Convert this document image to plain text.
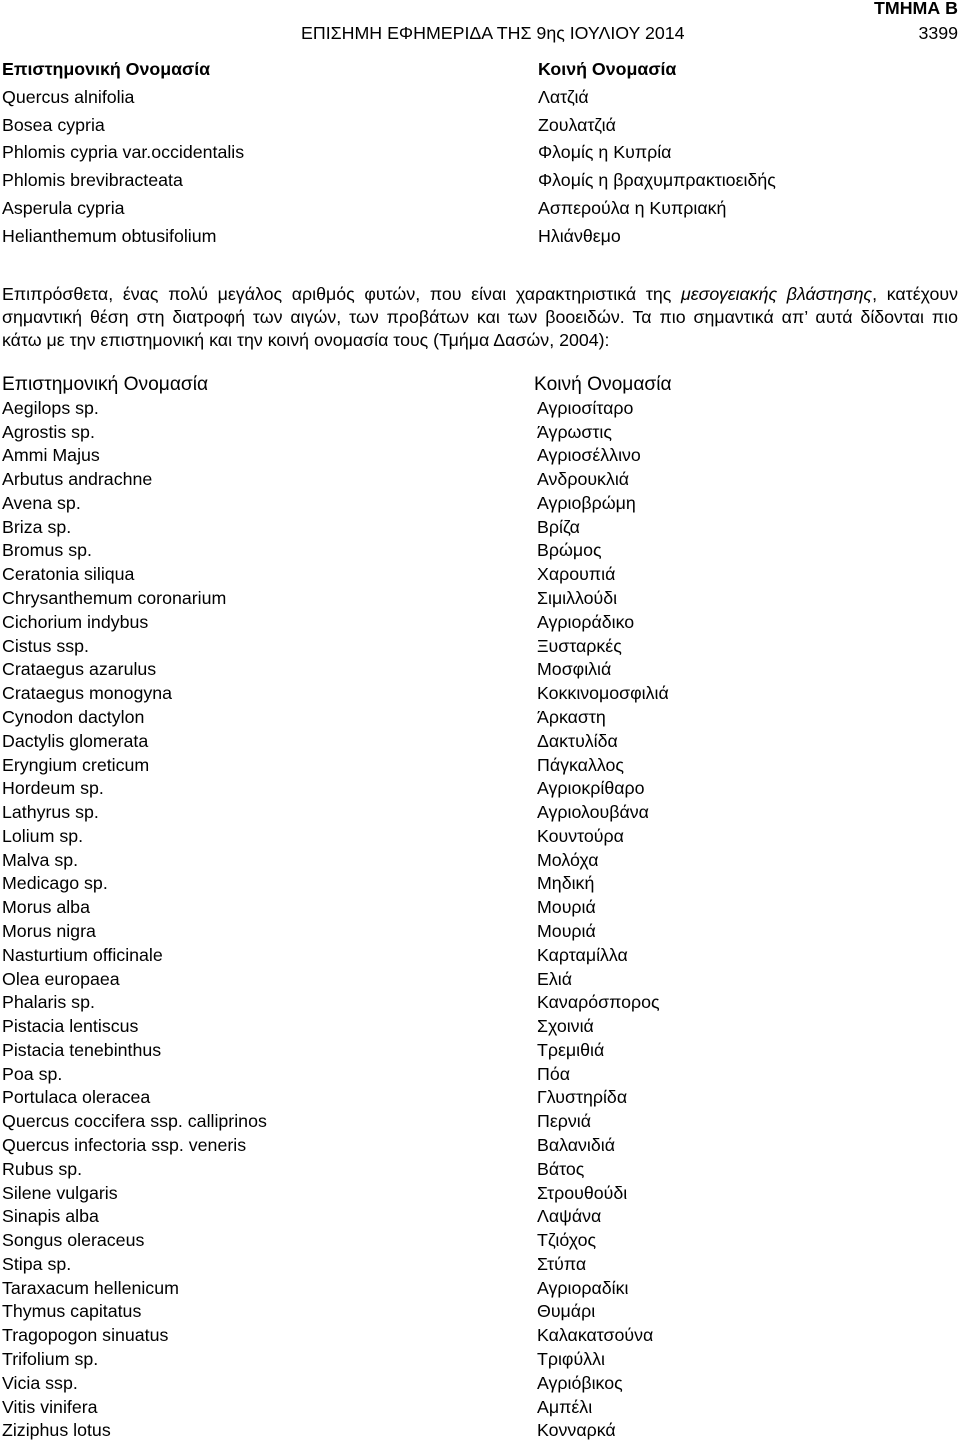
ΤΜΗΜΑ Β
ΕΠΙΣΗΜΗ ΕΦΗΜΕΡΙΔΑ ΤΗΣ 9ης ΙΟΥΛΙΟΥ 2014	3399
Επιστημονική Ονομασία	Κοινή Ονομασία
Quercus alnifolia	Λατζιά
Bosea cypria	Ζουλατζιά
Phlomis cypria var.occidentalis	Φλομίς η Κυπρία
Phlomis brevibracteata	Φλομίς η βραχυμπρακτιοειδής
Asperula cypria	Ασπερούλα η Κυπριακή
Helianthemum obtusifolium	Ηλιάνθεμο
Επιπρόσθετα, ένας πολύ μεγάλος αριθμός φυτών, που είναι χαρακτηριστικά της μεσογειακής βλάστησης, κατέχουν
σημαντική θέση στη διατροφή των αιγών, των προβάτων και των βοοειδών. Τα πιο σημαντικά απ’ αυτά δίδονται πιο
κάτω με την επιστημονική και την κοινή ονομασία τους (Τμήμα Δασών, 2004):
Επιστημονική Ονομασία	Κοινή Ονομασία
Aegilops sp.	Αγριοσίταρο
Agrostis sp.	Άγρωστις
Ammi Majus	Αγριοσέλλινο
Arbutus andrachne	Ανδρουκλιά
Avena sp.	Αγριοβρώμη
Briza sp.	Βρίζα
Bromus sp.	Βρώμος
Ceratonia siliqua	Χαρουπιά
Chrysanthemum coronarium	Σιμιλλούδι
Cichorium indybus	Αγριοράδικο
Cistus ssp.	Ξυσταρκές
Crataegus azarulus	Μοσφιλιά
Crataegus monogyna	Κοκκινομοσφιλιά
Cynodon dactylon	Άρκαστη
Dactylis glomerata	Δακτυλίδα
Eryngium creticum	Πάγκαλλος
Hordeum sp.	Αγριοκρίθαρο
Lathyrus sp.	Αγριολουβάνα
Lolium sp.	Κουντούρα
Malva sp.	Μολόχα
Medicago sp.	Μηδική
Morus alba	Μουριά
Morus nigra	Μουριά
Nasturtium officinale	Καρταμίλλα
Olea europaea	Ελιά
Phalaris sp.	Καναρόσπορος
Pistacia lentiscus	Σχοινιά
Pistacia tenebinthus	Τρεμιθιά
Poa sp.	Πόα
Portulaca oleracea	Γλυστηρίδα
Quercus coccifera ssp. calliprinos	Περνιά
Quercus infectoria ssp. veneris	Βαλανιδιά
Rubus sp.	Βάτος
Silene vulgaris	Στρουθούδι
Sinapis alba	Λαψάνα
Songus oleraceus	Τζιόχος
Stipa sp.	Στύπα
Taraxacum hellenicum	Αγριοραδίκι
Thymus capitatus	Θυμάρι
Tragopogon sinuatus	Καλακατσούνα
Trifolium sp.	Τριφύλλι
Vicia ssp.	Αγριόβικος
Vitis vinifera	Αμπέλι
Ziziphus lotus	Κονναρκά
